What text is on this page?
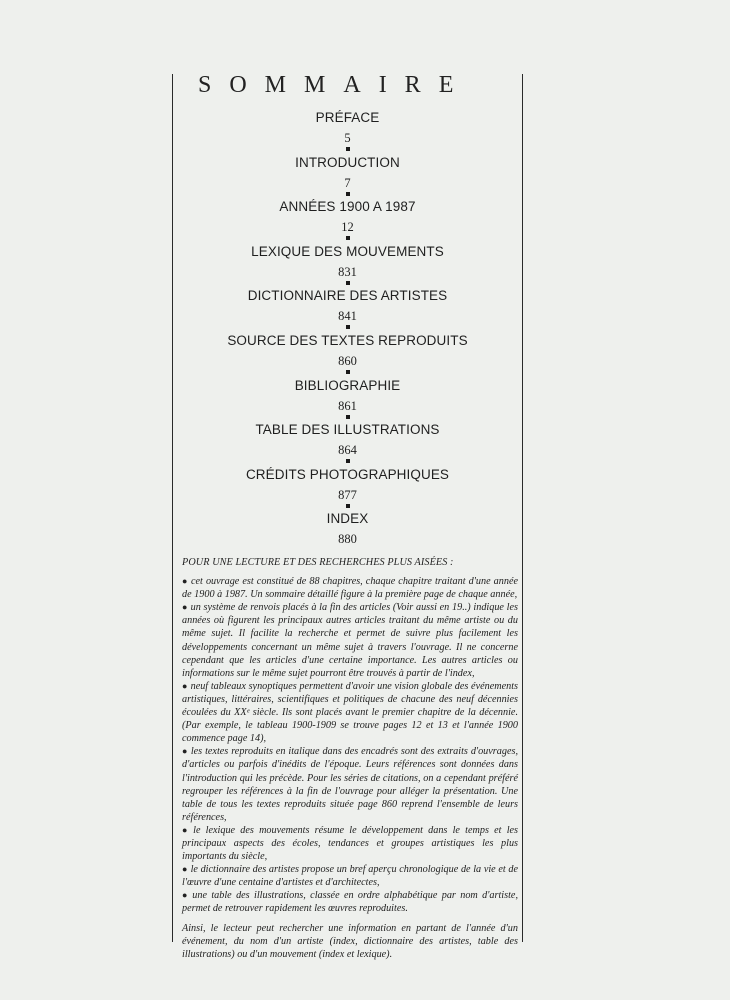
SOMMAIRE
PRÉFACE
5
INTRODUCTION
7
ANNÉES 1900 A 1987
12
LEXIQUE DES MOUVEMENTS
831
DICTIONNAIRE DES ARTISTES
841
SOURCE DES TEXTES REPRODUITS
860
BIBLIOGRAPHIE
861
TABLE DES ILLUSTRATIONS
864
CRÉDITS PHOTOGRAPHIQUES
877
INDEX
880

POUR UNE LECTURE ET DES RECHERCHES PLUS AISÉES :

● cet ouvrage est constitué de 88 chapitres, chaque chapitre traitant d'une année de 1900 à 1987. Un sommaire détaillé figure à la première page de chaque année,

● un système de renvois placés à la fin des articles (Voir aussi en 19..) indique les années où figurent les principaux autres articles traitant du même artiste ou du même sujet. Il facilite la recherche et permet de suivre plus facilement les développements concernant un même sujet à travers l'ouvrage. Il ne concerne cependant que les articles d'une certaine importance. Les autres articles ou informations sur le même sujet pourront être trouvés à partir de l'index,

● neuf tableaux synoptiques permettent d'avoir une vision globale des événements artistiques, littéraires, scientifiques et politiques de chacune des neuf décennies écoulées du XXᵉ siècle. Ils sont placés avant le premier chapitre de la décennie. (Par exemple, le tableau 1900-1909 se trouve pages 12 et 13 et l'année 1900 commence page 14),

● les textes reproduits en italique dans des encadrés sont des extraits d'ouvrages, d'articles ou parfois d'inédits de l'époque. Leurs références sont données dans l'introduction qui les précède. Pour les séries de citations, on a cependant préféré regrouper les références à la fin de l'ouvrage pour alléger la présentation. Une table de tous les textes reproduits située page 860 reprend l'ensemble de leurs références,

● le lexique des mouvements résume le développement dans le temps et les principaux aspects des écoles, tendances et groupes artistiques les plus importants du siècle,

● le dictionnaire des artistes propose un bref aperçu chronologique de la vie et de l'œuvre d'une centaine d'artistes et d'architectes,

● une table des illustrations, classée en ordre alphabétique par nom d'artiste, permet de retrouver rapidement les œuvres reproduites.

Ainsi, le lecteur peut rechercher une information en partant de l'année d'un événement, du nom d'un artiste (index, dictionnaire des artistes, table des illustrations) ou d'un mouvement (index et lexique).
